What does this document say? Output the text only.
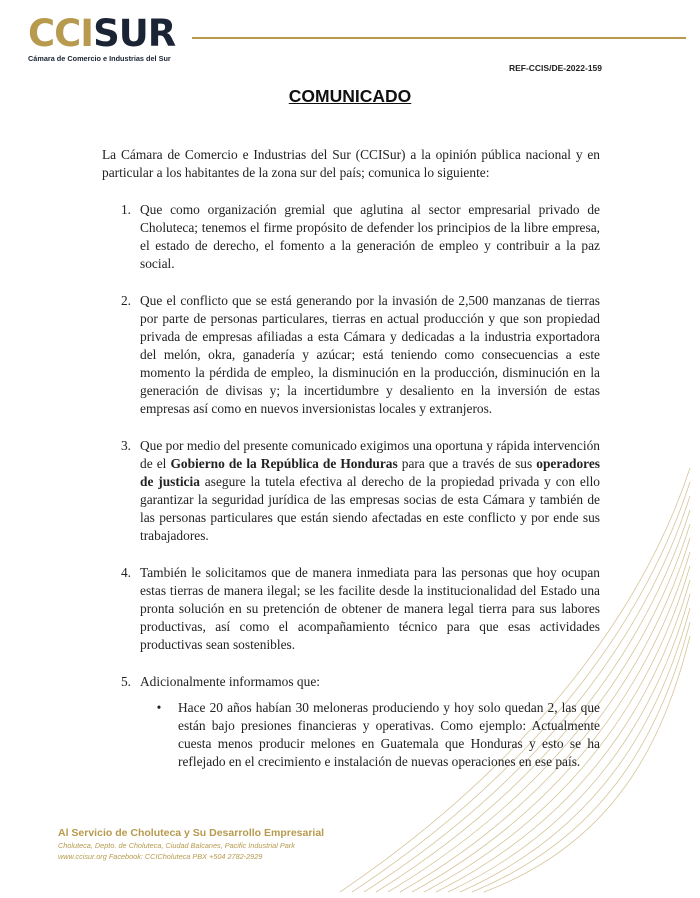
CCISUR
Cámara de Comercio e Industrias del Sur
REF-CCIS/DE-2022-159
COMUNICADO

La Cámara de Comercio e Industrias del Sur (CCISur) a la opinión pública nacional y en particular a los habitantes de la zona sur del país; comunica lo siguiente:

1. Que como organización gremial que aglutina al sector empresarial privado de Choluteca; tenemos el firme propósito de defender los principios de la libre empresa, el estado de derecho, el fomento a la generación de empleo y contribuir a la paz social.
2. Que el conflicto que se está generando por la invasión de 2,500 manzanas de tierras por parte de personas particulares, tierras en actual producción y que son propiedad privada de empresas afiliadas a esta Cámara y dedicadas a la industria exportadora del melón, okra, ganadería y azúcar; está teniendo como consecuencias a este momento la pérdida de empleo, la disminución en la producción, disminución en la generación de divisas y; la incertidumbre y desaliento en la inversión de estas empresas así como en nuevos inversionistas locales y extranjeros.
3. Que por medio del presente comunicado exigimos una oportuna y rápida intervención de el Gobierno de la República de Honduras para que a través de sus operadores de justicia asegure la tutela efectiva al derecho de la propiedad privada y con ello garantizar la seguridad jurídica de las empresas socias de esta Cámara y también de las personas particulares que están siendo afectadas en este conflicto y por ende sus trabajadores.
4. También le solicitamos que de manera inmediata para las personas que hoy ocupan estas tierras de manera ilegal; se les facilite desde la institucionalidad del Estado una pronta solución en su pretención de obtener de manera legal tierra para sus labores productivas, así como el acompañamiento técnico para que esas actividades productivas sean sostenibles.
5. Adicionalmente informamos que:
•	Hace 20 años habían 30 meloneras produciendo y hoy solo quedan 2, las que están bajo presiones financieras y operativas. Como ejemplo: Actualmente cuesta menos producir melones en Guatemala que Honduras y esto se ha reflejado en el crecimiento e instalación de nuevas operaciones en ese país.
Al Servicio de Choluteca y Su Desarrollo Empresarial
Choluteca, Depto. de Choluteca, Ciudad Balcanes, Pacific Industrial Park
www.ccisur.org Facebook: CCICholuteca PBX +504 2782-2929
